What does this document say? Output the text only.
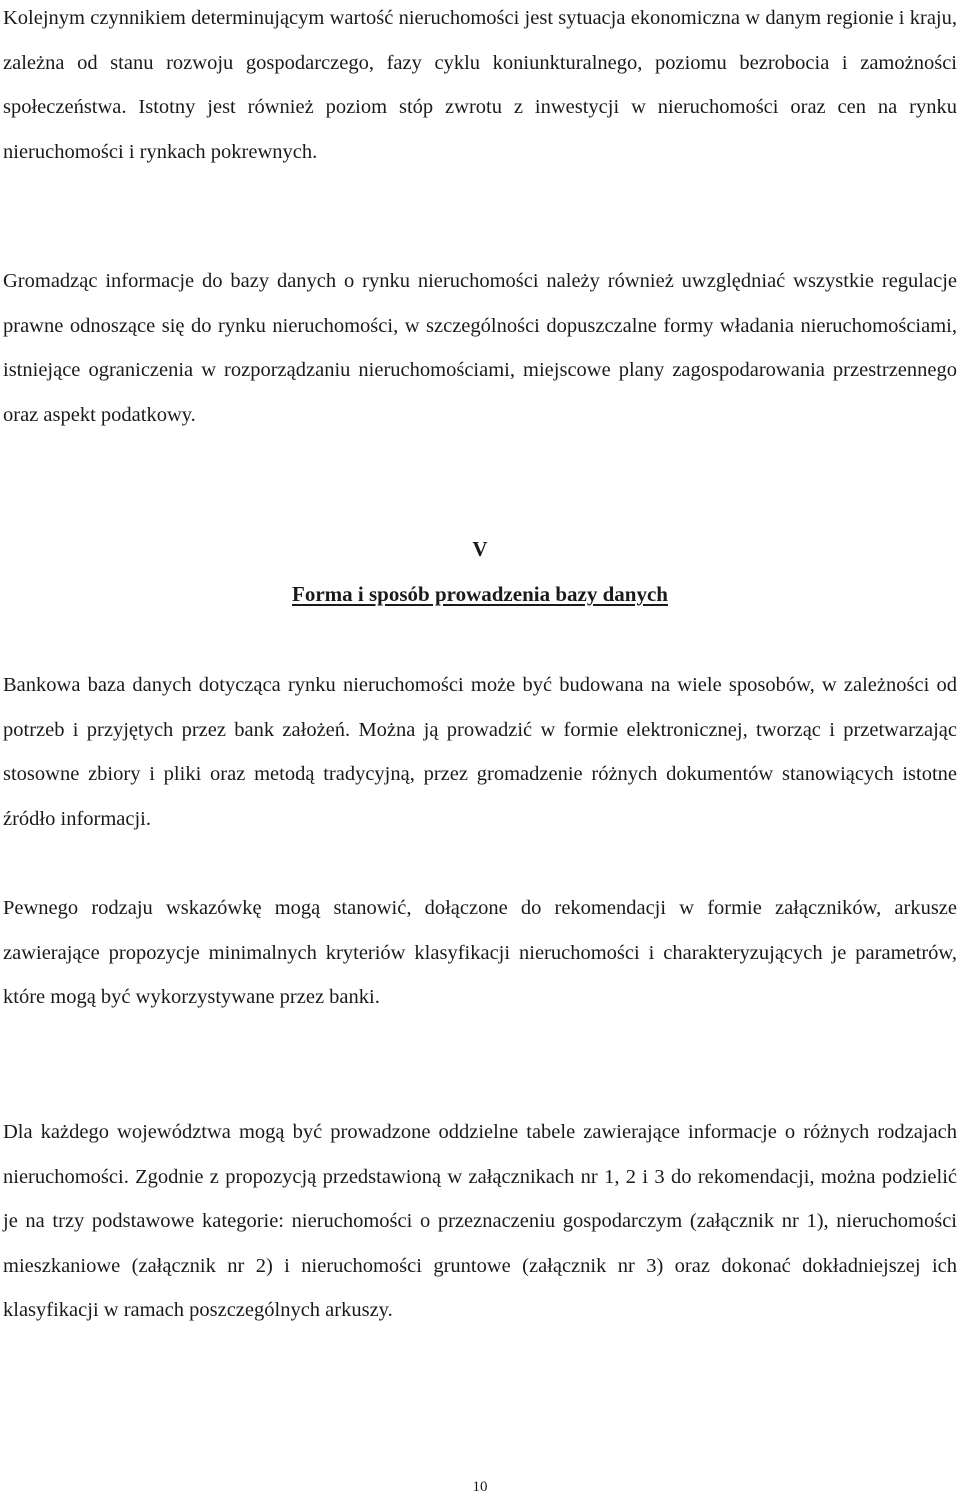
Kolejnym czynnikiem determinującym wartość nieruchomości jest sytuacja ekonomiczna w danym regionie i kraju, zależna od stanu rozwoju gospodarczego, fazy cyklu koniunkturalnego, poziomu bezrobocia i zamożności społeczeństwa. Istotny jest również poziom stóp zwrotu z inwestycji w nieruchomości oraz cen na rynku nieruchomości i rynkach pokrewnych.

Gromadząc informacje do bazy danych o rynku nieruchomości należy również uwzględniać wszystkie regulacje prawne odnoszące się do rynku nieruchomości, w szczególności dopuszczalne formy władania nieruchomościami, istniejące ograniczenia w rozporządzaniu nieruchomościami, miejscowe plany zagospodarowania przestrzennego oraz aspekt podatkowy.

V

Forma i sposób prowadzenia bazy danych

Bankowa baza danych dotycząca rynku nieruchomości może być budowana na wiele sposobów, w zależności od potrzeb i przyjętych przez bank założeń. Można ją prowadzić w formie elektronicznej, tworząc i przetwarzając stosowne zbiory i pliki oraz metodą tradycyjną, przez gromadzenie różnych dokumentów stanowiących istotne źródło informacji.

Pewnego rodzaju wskazówkę mogą stanowić, dołączone do rekomendacji w formie załączników, arkusze zawierające propozycje minimalnych kryteriów klasyfikacji nieruchomości i charakteryzujących je parametrów, które mogą być wykorzystywane przez banki.

Dla każdego województwa mogą być prowadzone oddzielne tabele zawierające informacje o różnych rodzajach nieruchomości. Zgodnie z propozycją przedstawioną w załącznikach nr 1, 2 i 3 do rekomendacji, można podzielić je na trzy podstawowe kategorie: nieruchomości o przeznaczeniu gospodarczym (załącznik nr 1), nieruchomości mieszkaniowe (załącznik nr 2) i nieruchomości gruntowe (załącznik nr 3) oraz dokonać dokładniejszej ich klasyfikacji w ramach poszczególnych arkuszy.

10
